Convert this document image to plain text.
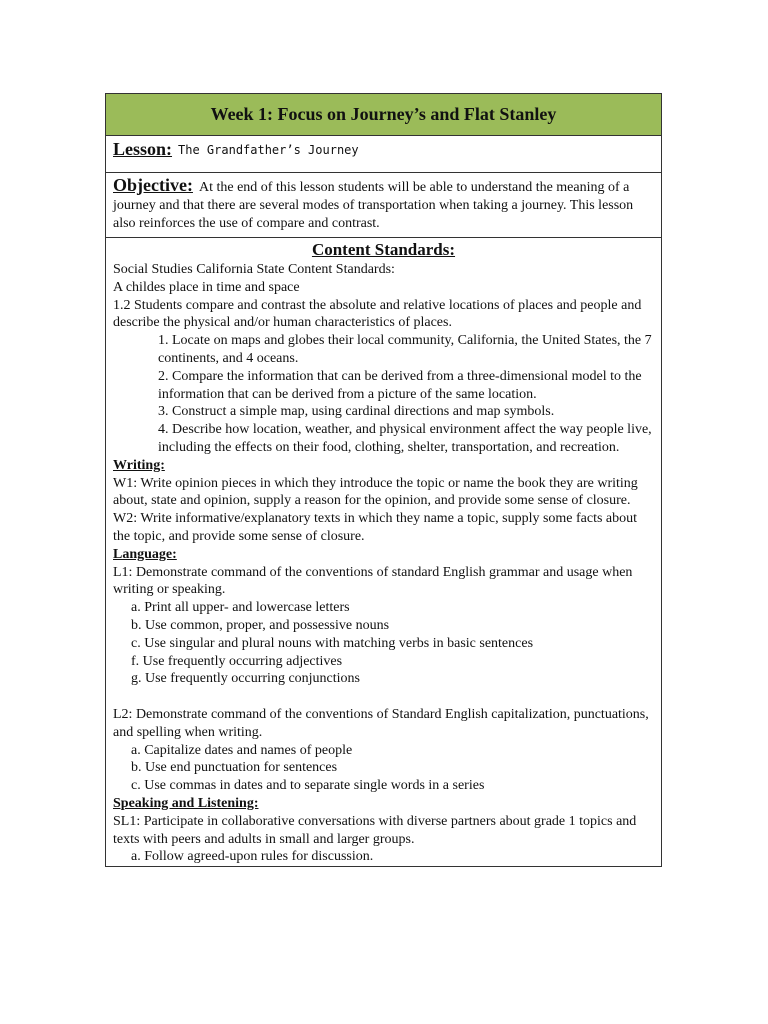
Week 1: Focus on Journey’s and Flat Stanley
Lesson: The Grandfather’s Journey
Objective: At the end of this lesson students will be able to understand the meaning of a journey and that there are several modes of transportation when taking a journey. This lesson also reinforces the use of compare and contrast.
Content Standards:
Social Studies California State Content Standards:
A childes place in time and space
1.2 Students compare and contrast the absolute and relative locations of places and people and describe the physical and/or human characteristics of places.
1. Locate on maps and globes their local community, California, the United States, the 7 continents, and 4 oceans.
2. Compare the information that can be derived from a three-dimensional model to the information that can be derived from a picture of the same location.
3. Construct a simple map, using cardinal directions and map symbols.
4. Describe how location, weather, and physical environment affect the way people live, including the effects on their food, clothing, shelter, transportation, and recreation.
Writing:
W1: Write opinion pieces in which they introduce the topic or name the book they are writing about, state and opinion, supply a reason for the opinion, and provide some sense of closure.
W2: Write informative/explanatory texts in which they name a topic, supply some facts about the topic, and provide some sense of closure.
Language:
L1: Demonstrate command of the conventions of standard English grammar and usage when writing or speaking.
a. Print all upper- and lowercase letters
b. Use common, proper, and possessive nouns
c. Use singular and plural nouns with matching verbs in basic sentences
f. Use frequently occurring adjectives
g. Use frequently occurring conjunctions
L2: Demonstrate command of the conventions of Standard English capitalization, punctuations, and spelling when writing.
a. Capitalize dates and names of people
b. Use end punctuation for sentences
c. Use commas in dates and to separate single words in a series
Speaking and Listening:
SL1: Participate in collaborative conversations with diverse partners about grade 1 topics and texts with peers and adults in small and larger groups.
a. Follow agreed-upon rules for discussion.
